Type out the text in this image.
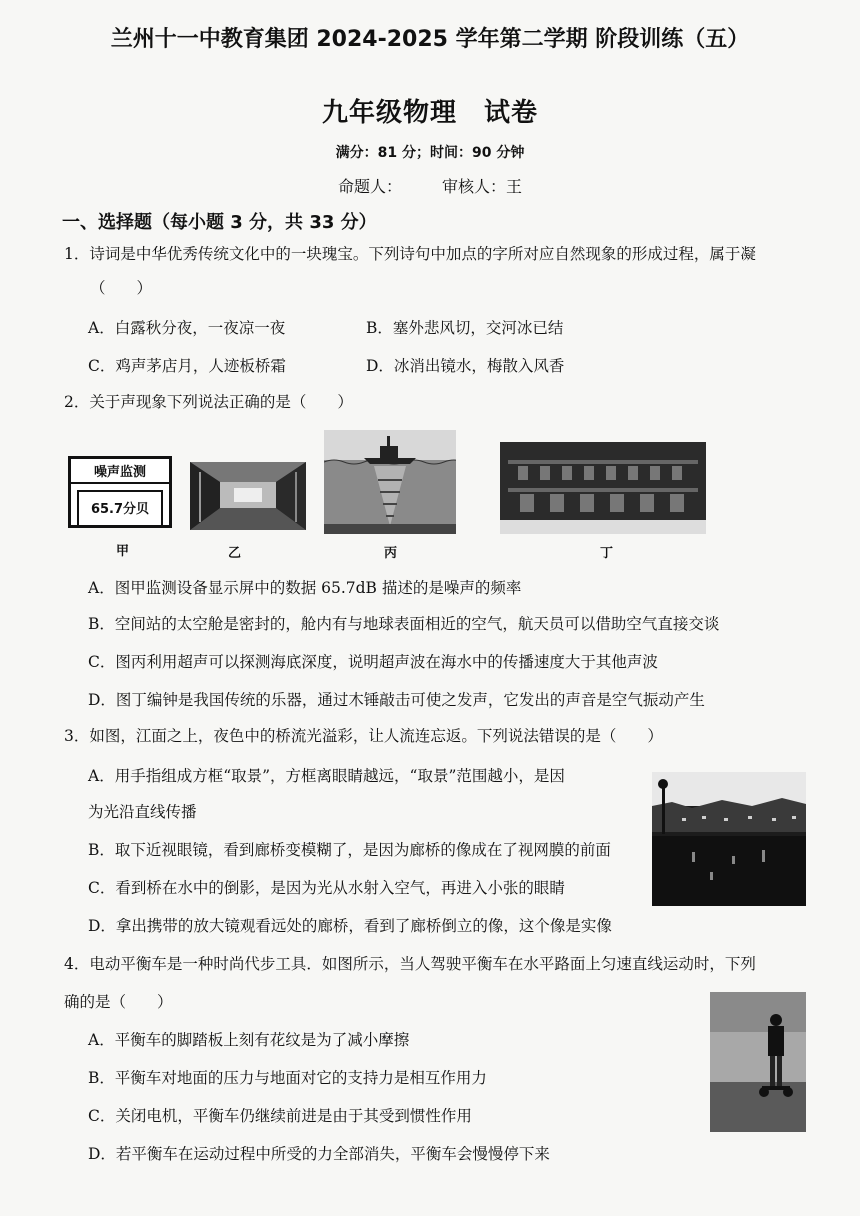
兰州十一中教育集团 2024-2025 学年第二学期 阶段训练（五）
九年级物理　试卷
满分：81 分；时间：90 分钟
命题人：　　　审核人：王
一、选择题（每小题 3 分，共 33 分）
1．诗词是中华优秀传统文化中的一块瑰宝。下列诗句中加点的字所对应自然现象的形成过程，属于凝
（　　）
A．白露秋分夜，一夜凉一夜	B．塞外悲风切，交河冰已结
C．鸡声茅店月，人迹板桥霜	D．冰消出镜水，梅散入风香
2．关于声现象下列说法正确的是（　　）
噪声监测
65.7分贝
甲	乙	丙	丁
A．图甲监测设备显示屏中的数据 65.7dB 描述的是噪声的频率
B．空间站的太空舱是密封的，舱内有与地球表面相近的空气，航天员可以借助空气直接交谈
C．图丙利用超声可以探测海底深度，说明超声波在海水中的传播速度大于其他声波
D．图丁编钟是我国传统的乐器，通过木锤敲击可使之发声，它发出的声音是空气振动产生
3．如图，江面之上，夜色中的桥流光溢彩，让人流连忘返。下列说法错误的是（　　）
A．用手指组成方框“取景”，方框离眼睛越远，“取景”范围越小，是因
为光沿直线传播
B．取下近视眼镜，看到廊桥变模糊了，是因为廊桥的像成在了视网膜的前面
C．看到桥在水中的倒影，是因为光从水射入空气，再进入小张的眼睛
D．拿出携带的放大镜观看远处的廊桥，看到了廊桥倒立的像，这个像是实像
4．电动平衡车是一种时尚代步工具．如图所示，当人驾驶平衡车在水平路面上匀速直线运动时，下列
确的是（　　）
A．平衡车的脚踏板上刻有花纹是为了减小摩擦
B．平衡车对地面的压力与地面对它的支持力是相互作用力
C．关闭电机，平衡车仍继续前进是由于其受到惯性作用
D．若平衡车在运动过程中所受的力全部消失，平衡车会慢慢停下来
